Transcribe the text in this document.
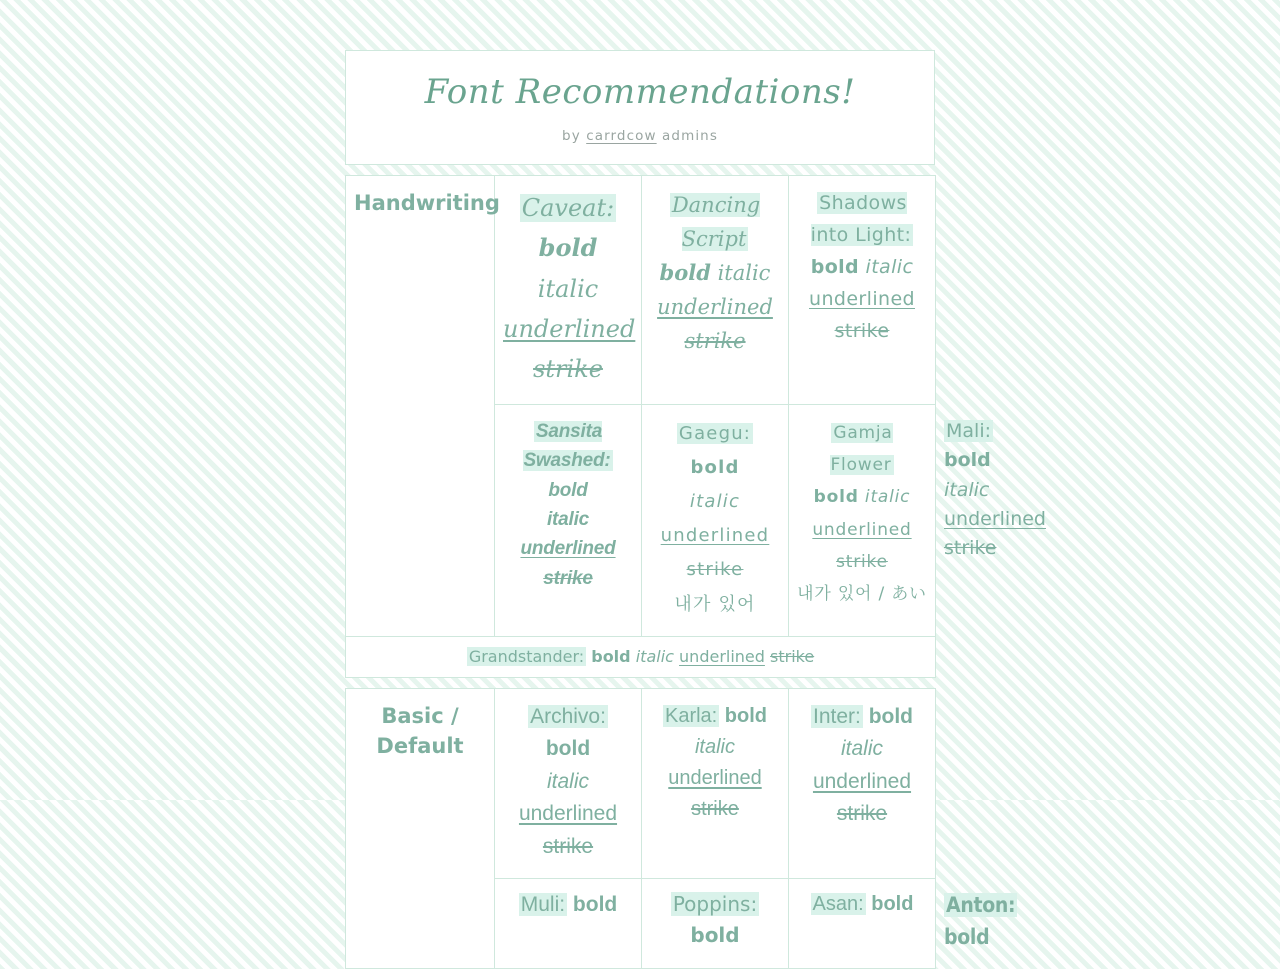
Font Recommendations!
by carrdcow admins
Handwriting	Caveat: bold
italic
underlined
strike	Dancing Script
bold italic
underlined
strike	Shadows into Light: bold italic
underlined strike	

	Sansita Swashed: bold
italic underlined
strike	Gaegu: bold
italic
underlined
strike
내가 있어	Gamja Flower
bold italic
underlined
strike
내가 있어 / あい	Mali: bold
italic
underlined
strike

Grandstander: bold italic underlined strike				
Basic / Default	Archivo: bold
italic
underlined
strike	Karla: bold
italic
underlined
strike	Inter: bold
italic
underlined
strike	

	Muli: bold	Poppins: bold	Asan: bold	Anton: bold
